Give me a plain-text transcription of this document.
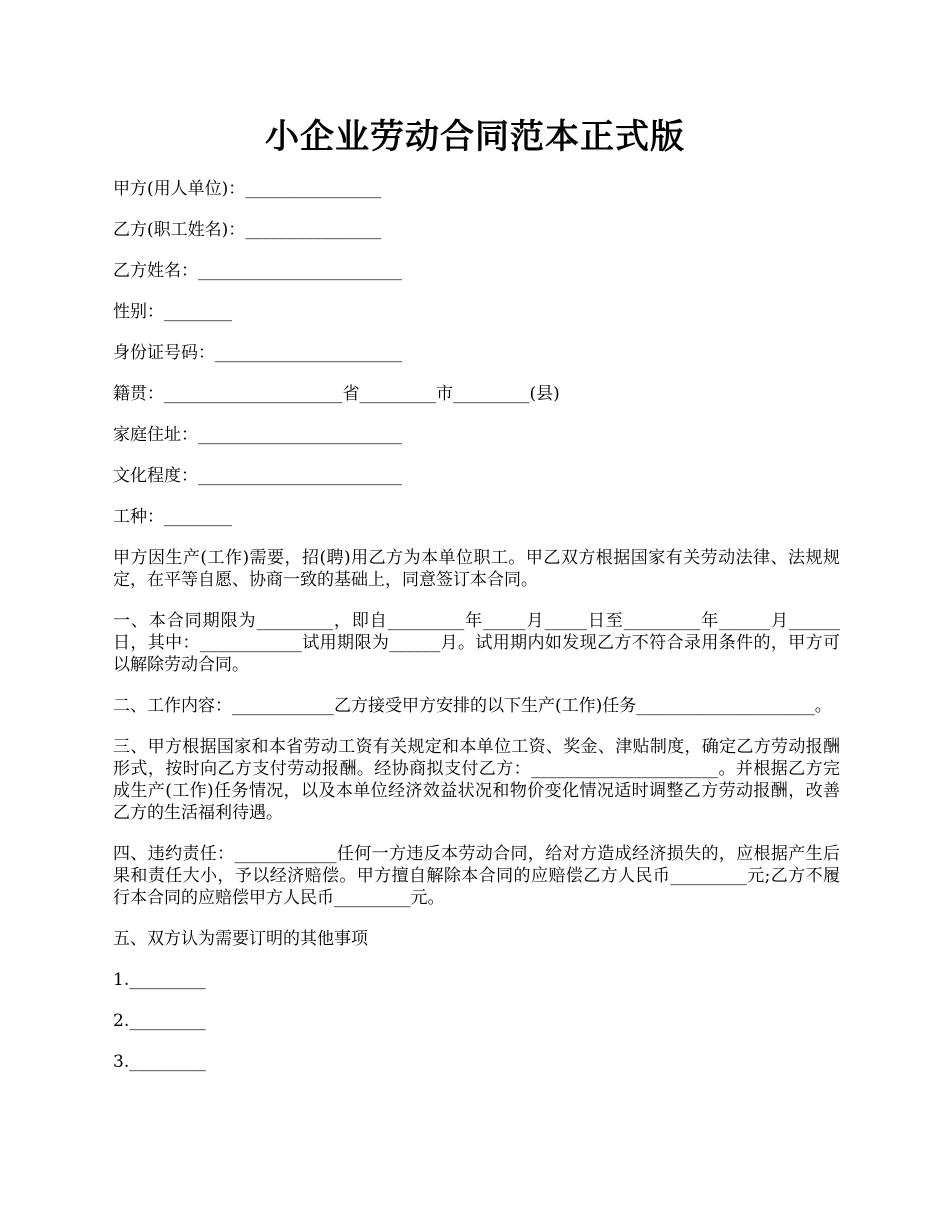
小企业劳动合同范本正式版

甲方(用人单位)：________________

乙方(职工姓名)：________________

乙方姓名：________________________

性别：________

身份证号码：______________________

籍贯：_____________________省_________市_________(县)

家庭住址：________________________

文化程度：________________________

工种：________

甲方因生产(工作)需要，招(聘)用乙方为本单位职工。甲乙双方根据国家有关劳动法律、法规规定，在平等自愿、协商一致的基础上，同意签订本合同。

一、本合同期限为_________，即自_________年_____月_____日至_________年______月______日，其中：____________试用期限为______月。试用期内如发现乙方不符合录用条件的，甲方可以解除劳动合同。

二、工作内容：____________乙方接受甲方安排的以下生产(工作)任务_____________________。

三、甲方根据国家和本省劳动工资有关规定和本单位工资、奖金、津贴制度，确定乙方劳动报酬形式，按时向乙方支付劳动报酬。经协商拟支付乙方：______________________。并根据乙方完成生产(工作)任务情况，以及本单位经济效益状况和物价变化情况适时调整乙方劳动报酬，改善乙方的生活福利待遇。

四、违约责任：____________任何一方违反本劳动合同，给对方造成经济损失的，应根据产生后果和责任大小，予以经济赔偿。甲方擅自解除本合同的应赔偿乙方人民币_________元;乙方不履行本合同的应赔偿甲方人民币_________元。

五、双方认为需要订明的其他事项

1._________

2._________

3._________
